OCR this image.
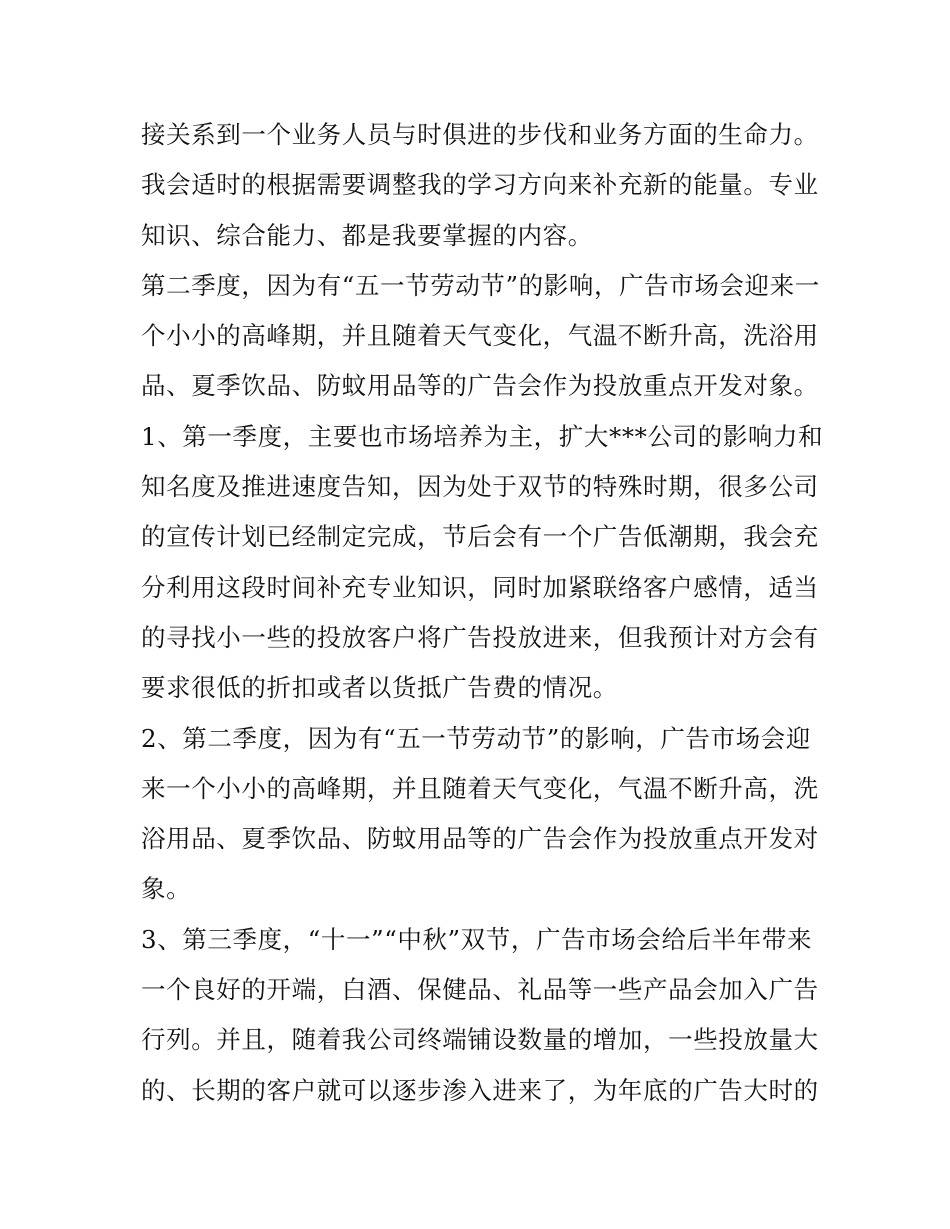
接关系到一个业务人员与时俱进的步伐和业务方面的生命力。
我会适时的根据需要调整我的学习方向来补充新的能量。专业
知识、综合能力、都是我要掌握的内容。
第二季度，因为有“五一节劳动节”的影响，广告市场会迎来一
个小小的高峰期，并且随着天气变化，气温不断升高，洗浴用
品、夏季饮品、防蚊用品等的广告会作为投放重点开发对象。
1、第一季度，主要也市场培养为主，扩大***公司的影响力和
知名度及推进速度告知，因为处于双节的特殊时期，很多公司
的宣传计划已经制定完成，节后会有一个广告低潮期，我会充
分利用这段时间补充专业知识，同时加紧联络客户感情，适当
的寻找小一些的投放客户将广告投放进来，但我预计对方会有
要求很低的折扣或者以货抵广告费的情况。
2、第二季度，因为有“五一节劳动节”的影响，广告市场会迎
来一个小小的高峰期，并且随着天气变化，气温不断升高，洗
浴用品、夏季饮品、防蚊用品等的广告会作为投放重点开发对
象。
3、第三季度，“十一”“中秋”双节，广告市场会给后半年带来
一个良好的开端，白酒、保健品、礼品等一些产品会加入广告
行列。并且，随着我公司终端铺设数量的增加，一些投放量大
的、长期的客户就可以逐步渗入进来了，为年底的广告大时的
